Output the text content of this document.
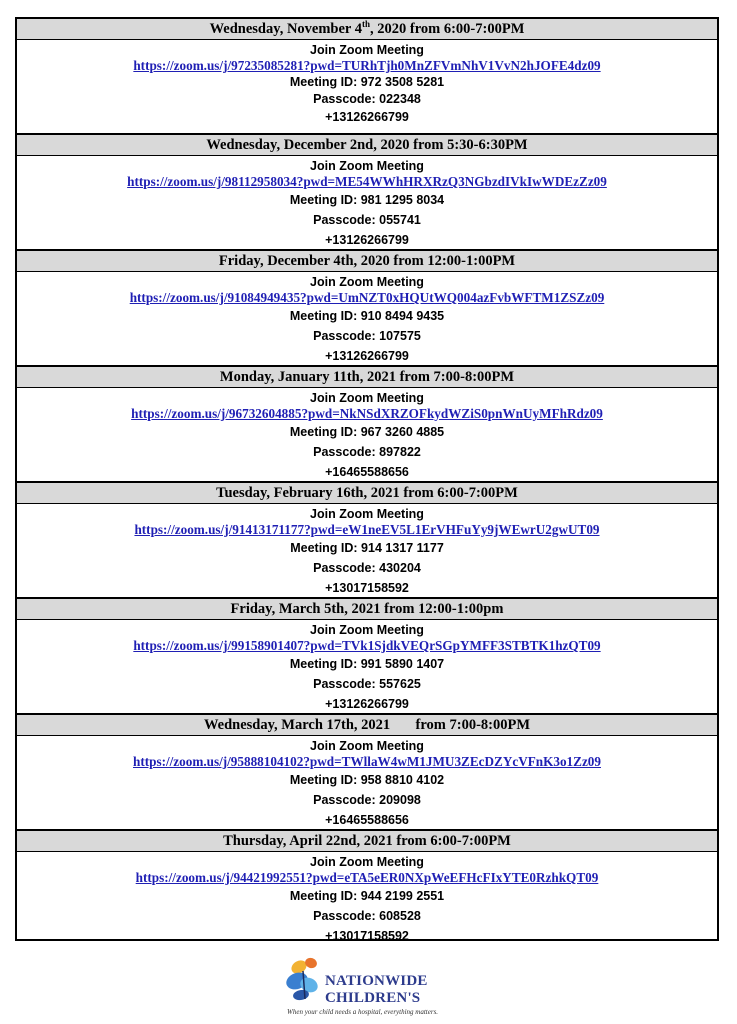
Wednesday, November 4th, 2020 from 6:00-7:00PM
Join Zoom Meeting
https://zoom.us/j/97235085281?pwd=TURhTjh0MnZFVmNhV1VvN2hJOFE4dz09
Meeting ID: 972 3508 5281
Passcode: 022348
+13126266799
Wednesday, December 2nd, 2020 from 5:30-6:30PM
Join Zoom Meeting
https://zoom.us/j/98112958034?pwd=ME54WWhHRXRzQ3NGbzdIVkIwWDEzZz09
Meeting ID: 981 1295 8034
Passcode: 055741
+13126266799
Friday, December 4th, 2020 from 12:00-1:00PM
Join Zoom Meeting
https://zoom.us/j/91084949435?pwd=UmNZT0xHQUtWQ004azFvbWFTM1ZSZz09
Meeting ID: 910 8494 9435
Passcode: 107575
+13126266799
Monday, January 11th, 2021 from 7:00-8:00PM
Join Zoom Meeting
https://zoom.us/j/96732604885?pwd=NkNSdXRZOFkydWZiS0pnWnUyMFhRdz09
Meeting ID: 967 3260 4885
Passcode: 897822
+16465588656
Tuesday, February 16th, 2021 from 6:00-7:00PM
Join Zoom Meeting
https://zoom.us/j/91413171177?pwd=eW1neEV5L1ErVHFuYy9jWEwrU2gwUT09
Meeting ID: 914 1317 1177
Passcode: 430204
+13017158592
Friday, March 5th, 2021 from 12:00-1:00pm
Join Zoom Meeting
https://zoom.us/j/99158901407?pwd=TVk1SjdkVEQrSGpYMFF3STBTK1hzQT09
Meeting ID: 991 5890 1407
Passcode: 557625
+13126266799
Wednesday, March 17th, 2021       from 7:00-8:00PM
Join Zoom Meeting
https://zoom.us/j/95888104102?pwd=TWllaW4wM1JMU3ZEcDZYcVFnK3o1Zz09
Meeting ID: 958 8810 4102
Passcode: 209098
+16465588656
Thursday, April 22nd, 2021 from 6:00-7:00PM
Join Zoom Meeting
https://zoom.us/j/94421992551?pwd=eTA5eER0NXpWeEFHcFIxYTE0RzhkQT09
Meeting ID: 944 2199 2551
Passcode: 608528
+13017158592
NATIONWIDE
CHILDREN'S
When your child needs a hospital, everything matters.
